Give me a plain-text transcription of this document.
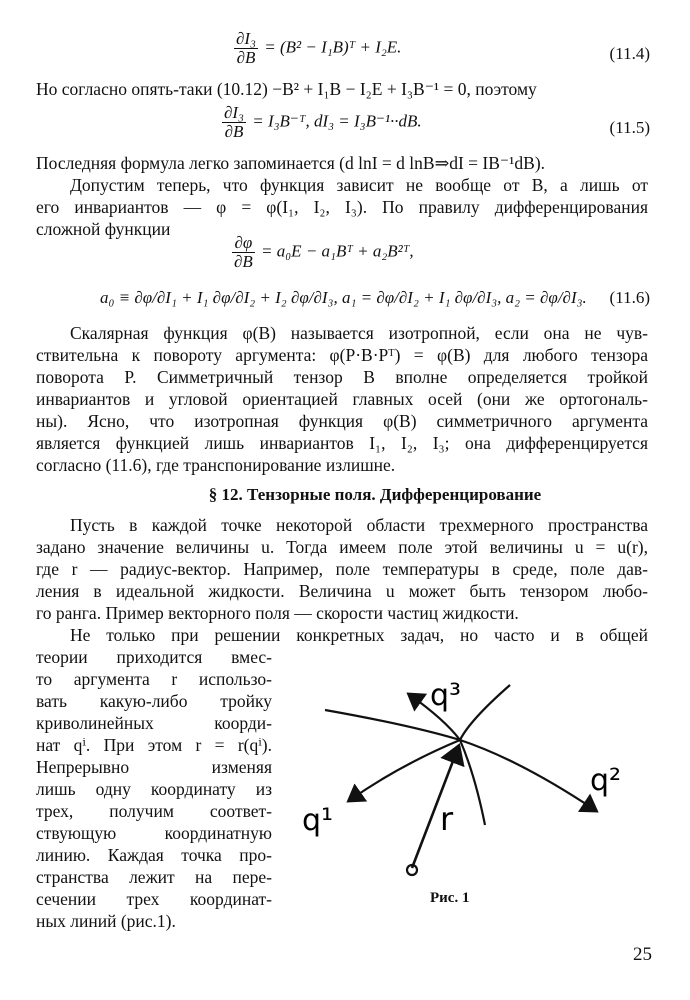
$\frac{\text{∂I₃}}{\partial B} = (B^2$ − I₁B)ᵀ + I₂E.	(11.4)
Но согласно опять-таки (10.12) −B² + I₁B − I₂E + I₃B⁻¹ = 0, поэтому
$\frac{\text{∂I₃}}{\partial B}$ = I₃B⁻ᵀ, dI₃ = I₃B⁻¹··dB.	(11.5)
Последняя формула легко запоминается (d lnI = d lnB⇒dI = IB⁻¹dB).
Допустим теперь, что функция зависит не вообще от B, а лишь от
его инвариантов — φ = φ(I₁, I₂, I₃). По правилу дифференцирования
сложной функции
$\frac{\partial\varphi}{\partial B} = a_0E$ − a₁Bᵀ + a₂B²ᵀ,
a₀ ≡ ∂φ/∂I₁ + I₁ ∂φ/∂I₂ + I₂ ∂φ/∂I₃, a₁ = ∂φ/∂I₂ + I₁ ∂φ/∂I₃, a₂ = ∂φ/∂I₃. (11.6)
Скалярная функция φ(B) называется изотропной, если она не чув-
ствительна к повороту аргумента: φ(P·B·Pᵀ) = φ(B) для любого тензора
поворота P. Симметричный тензор B вполне определяется тройкой
инвариантов и угловой ориентацией главных осей (они же ортогональ-
ны). Ясно, что изотропная функция φ(B) симметричного аргумента
является функцией лишь инвариантов I₁, I₂, I₃; она дифференцируется
согласно (11.6), где транспонирование излишне.
§ 12. Тензорные поля. Дифференцирование
Пусть в каждой точке некоторой области трехмерного пространства
задано значение величины u. Тогда имеем поле этой величины u = u(r),
где r — радиус-вектор. Например, поле температуры в среде, поле дав-
ления в идеальной жидкости. Величина u может быть тензором любо-
го ранга. Пример векторного поля — скорости частиц жидкости.
Не только при решении конкретных задач, но часто и в общей
теории приходится вмес-
то аргумента r использо-
вать какую-либо тройку
криволинейных коорди-
нат qⁱ. При этом r = r(qⁱ).
Непрерывно изменяя
лишь одну координату из
трех, получим соответ-
ствующую координатную
линию. Каждая точка про-
странства лежит на пере-
сечении трех координат-
ных линий (рис.1).
q³
q²
q¹	r
Рис. 1
25
